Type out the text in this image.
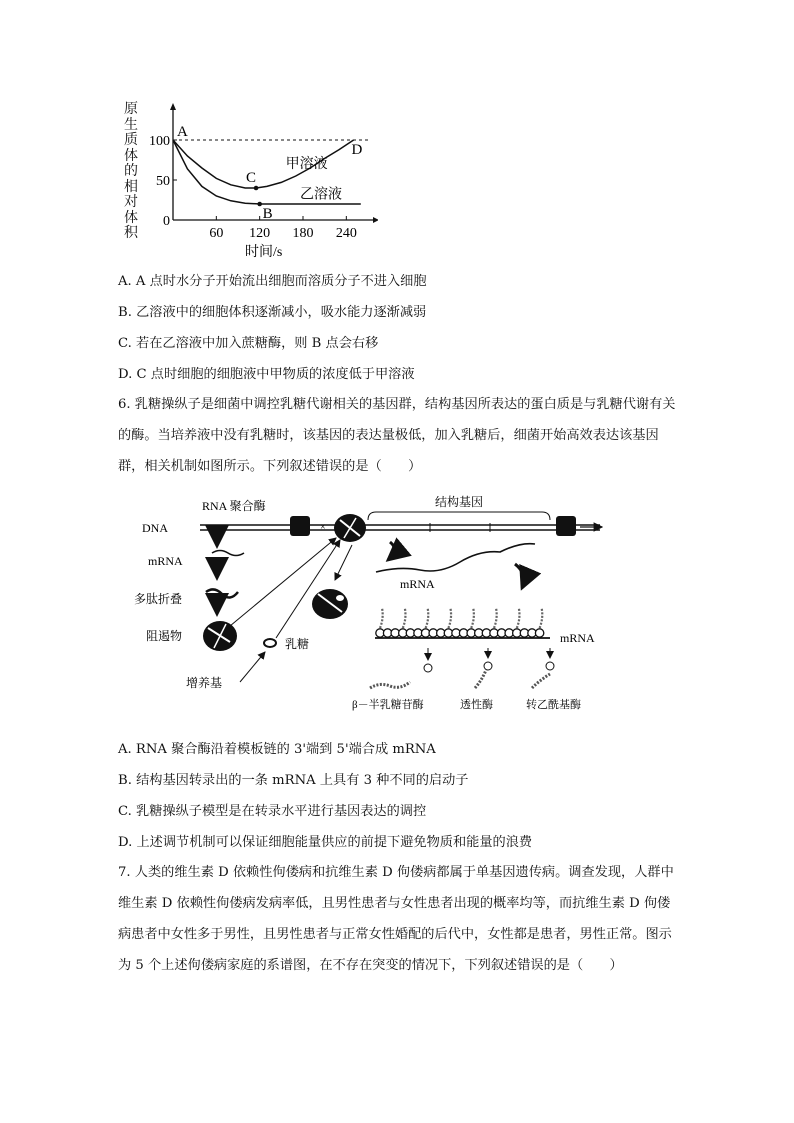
60 120 180 240
0
50
100
时间/s
甲溶液
乙溶液
A
C
B
D
原生质体的相对体积
A. A 点时水分子开始流出细胞而溶质分子不进入细胞
B. 乙溶液中的细胞体积逐渐减小，吸水能力逐渐减弱
C. 若在乙溶液中加入蔗糖酶，则 B 点会右移
D. C 点时细胞的细胞液中甲物质的浓度低于甲溶液
6. 乳糖操纵子是细菌中调控乳糖代谢相关的基因群，结构基因所表达的蛋白质是与乳糖代谢有关的酶。当培养液中没有乳糖时，该基因的表达量极低，加入乳糖后，细菌开始高效表达该基因群，相关机制如图所示。下列叙述错误的是（　　）
DNA	×
RNA 聚合酶	结构基因
mRNA
多肽折叠
阻遏物
乳糖
增养基
mRNA
mRNA
β－半乳糖苷酶	透性酶	转乙酰基酶
A. RNA 聚合酶沿着模板链的 3'端到 5'端合成 mRNA
B. 结构基因转录出的一条 mRNA 上具有 3 种不同的启动子
C. 乳糖操纵子模型是在转录水平进行基因表达的调控
D. 上述调节机制可以保证细胞能量供应的前提下避免物质和能量的浪费
7. 人类的维生素 D 依赖性佝偻病和抗维生素 D 佝偻病都属于单基因遗传病。调查发现，人群中维生素 D 依赖性佝偻病发病率低，且男性患者与女性患者出现的概率均等，而抗维生素 D 佝偻病患者中女性多于男性，且男性患者与正常女性婚配的后代中，女性都是患者，男性正常。图示为 5 个上述佝偻病家庭的系谱图，在不存在突变的情况下，下列叙述错误的是（　　）
